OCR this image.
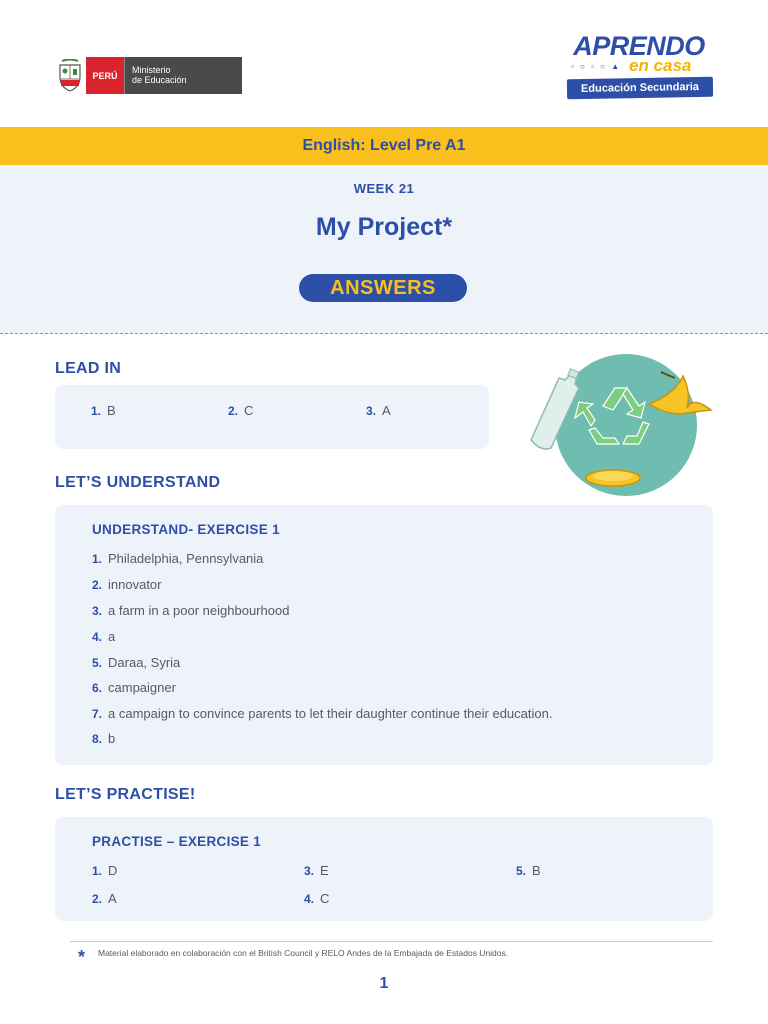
PERÚ
Ministerio
de Educación
APRENDO
▫ ○ ▫ ○ ▲ en casa
Educación Secundaria
English: Level Pre A1
WEEK 21
My Project*
ANSWERS
LEAD IN
1. B	2. C	3. A
LET’S UNDERSTAND
UNDERSTAND- EXERCISE 1
1. Philadelphia, Pennsylvania
2. innovator
3. a farm in a poor neighbourhood
4. a
5. Daraa, Syria
6. campaigner
7. a campaign to convince parents to let their daughter continue their education.
8. b
LET’S PRACTISE!
PRACTISE – EXERCISE 1
1. D
2. A
3. E
4. C
5. B
* Material elaborado en colaboración con el British Council y RELO Andes de la Embajada de Estados Unidos.
1
